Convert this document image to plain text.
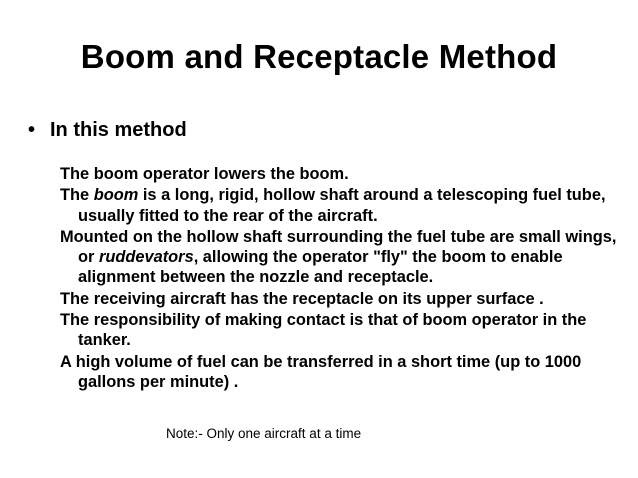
Boom and Receptacle Method
• In this method

The boom operator lowers the boom.

The boom is a long, rigid, hollow shaft around a telescoping fuel tube, usually fitted to the rear of the aircraft.

Mounted on the hollow shaft surrounding the fuel tube are small wings, or ruddevators, allowing the operator "fly" the boom to enable alignment between the nozzle and receptacle.

The receiving aircraft has the receptacle on its upper surface .

The responsibility of making contact is that of boom operator in the tanker.

A high volume of fuel can be transferred in a short time (up to 1000 gallons per minute) .

Note:- Only one aircraft at a time
